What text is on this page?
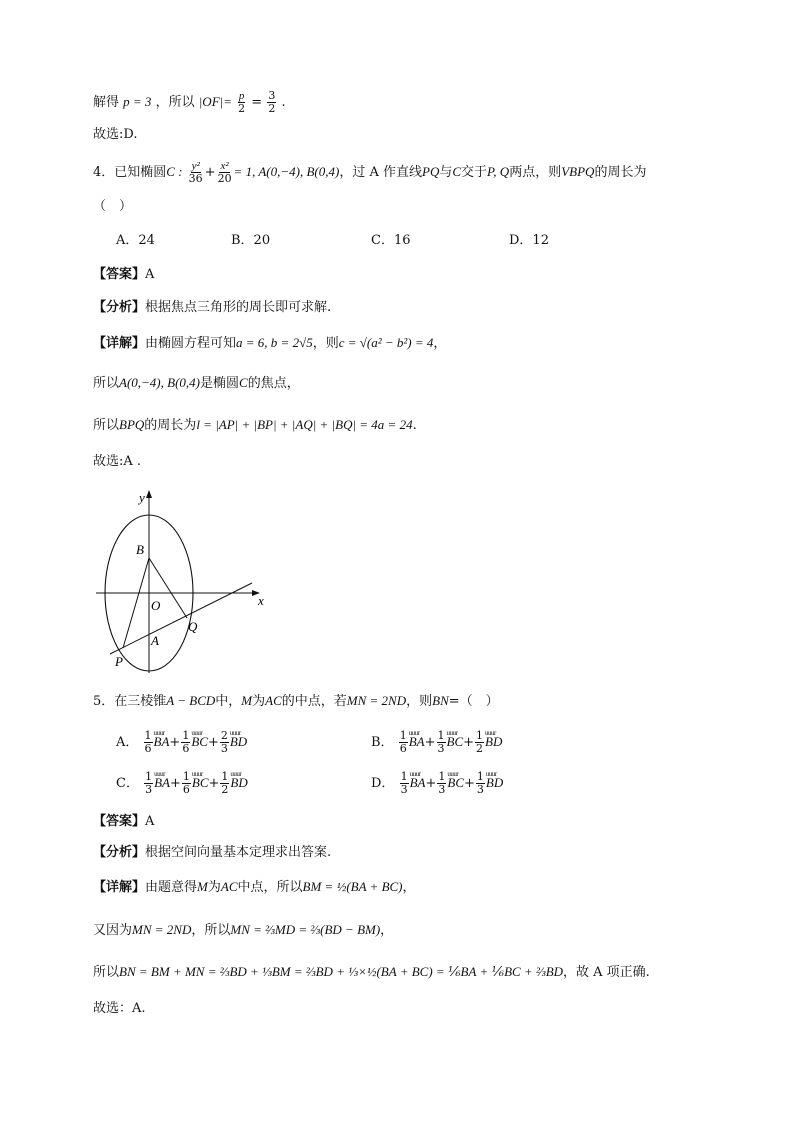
解得 p = 3 ，所以 $|OF|= \frac{p}{2} = \frac{3}{2}$ .
故选:D.
4．已知椭圆C : $\frac{\text{y²}}{36} + \frac{\text{x²}}{20} = 1$, A(0,−4), B(0,4)，过 A 作直线PQ与C交于P, Q两点，则VBPQ的周长为
（　）
A．24	B．20	C．16	D．12
【答案】A
【分析】根据焦点三角形的周长即可求解.
【详解】由椭圆方程可知a = 6, b = 2√5，则c = √(a² − b²) = 4，
所以A(0,−4), B(0,4)是椭圆C的焦点，
所以BPQ的周长为l = |AP| + |BP| + |AQ| + |BQ| = 4a = 24.
故选:A .
y
x
B
O
A
Q
P
5．在三棱锥A − BCD中，M为AC的中点，若MN = 2ND，则BN=（　）
A． $\frac{1}{6}$ uuur $BA+ \frac{1}{6}$ uuur $BC+ \frac{2}{3}$ uuur BD	B． $\frac{1}{6}$ uuur $BA+ \frac{1}{3}$ uuur $BC+ \frac{1}{2}$ uuur BD
C． $\frac{1}{3}$ uuur $BA+ \frac{1}{6}$ uuur $BC+ \frac{1}{2}$ uuur BD	D． $\frac{1}{3}$ uuur $BA+ \frac{1}{3}$ uuur $BC+ \frac{1}{3}$ uuur BD
【答案】A
【分析】根据空间向量基本定理求出答案.
【详解】由题意得M为AC中点，所以BM = ½(BA + BC)，
又因为MN = 2ND，所以MN = ⅔MD = ⅔(BD − BM)，
所以BN = BM + MN = ⅔BD + ⅓BM = ⅔BD + ⅓×½(BA + BC) = ⅙BA + ⅙BC + ⅔BD，故 A 项正确.
故选：A.
